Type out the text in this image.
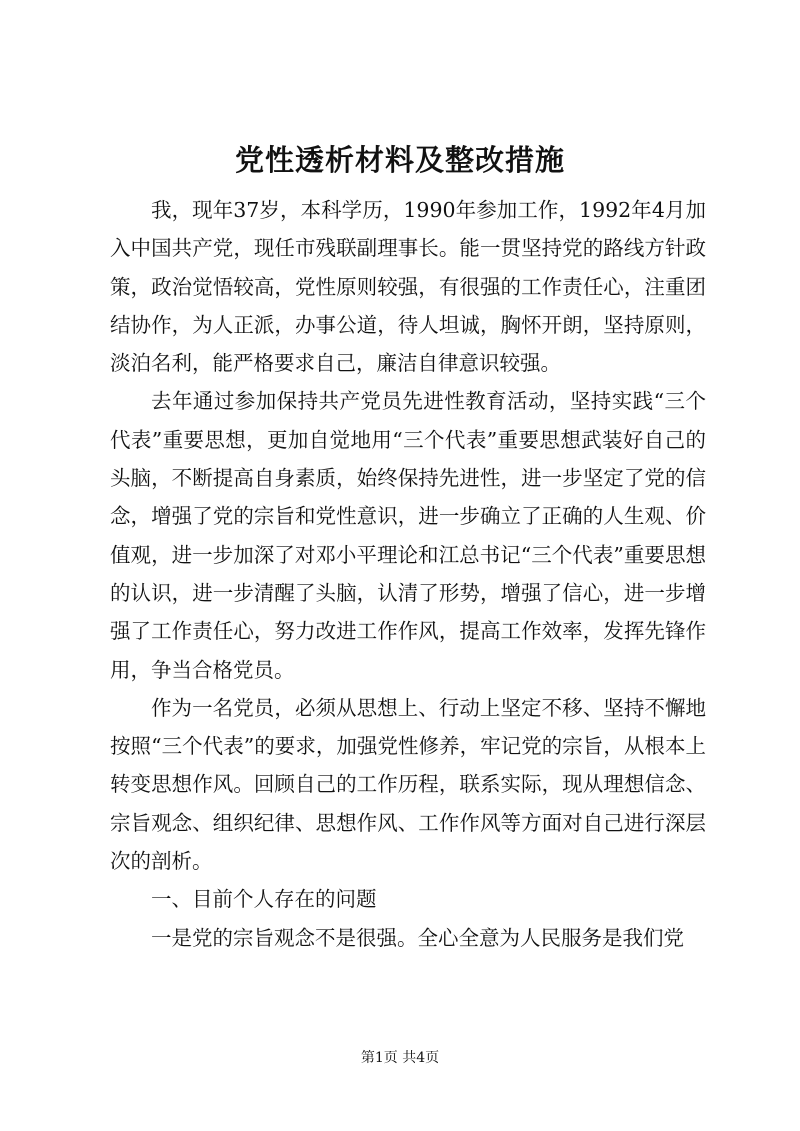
党性透析材料及整改措施

我，现年37岁，本科学历，1990年参加工作，1992年4月加入中国共产党，现任市残联副理事长。能一贯坚持党的路线方针政策，政治觉悟较高，党性原则较强，有很强的工作责任心，注重团结协作，为人正派，办事公道，待人坦诚，胸怀开朗，坚持原则，淡泊名利，能严格要求自己，廉洁自律意识较强。

去年通过参加保持共产党员先进性教育活动，坚持实践“三个代表”重要思想，更加自觉地用“三个代表”重要思想武装好自己的头脑，不断提高自身素质，始终保持先进性，进一步坚定了党的信念，增强了党的宗旨和党性意识，进一步确立了正确的人生观、价值观，进一步加深了对邓小平理论和江总书记“三个代表”重要思想的认识，进一步清醒了头脑，认清了形势，增强了信心，进一步增强了工作责任心，努力改进工作作风，提高工作效率，发挥先锋作用，争当合格党员。

作为一名党员，必须从思想上、行动上坚定不移、坚持不懈地按照“三个代表”的要求，加强党性修养，牢记党的宗旨，从根本上转变思想作风。回顾自己的工作历程，联系实际，现从理想信念、宗旨观念、组织纪律、思想作风、工作作风等方面对自己进行深层次的剖析。

一、目前个人存在的问题

一是党的宗旨观念不是很强。全心全意为人民服务是我们党

第1页 共4页
